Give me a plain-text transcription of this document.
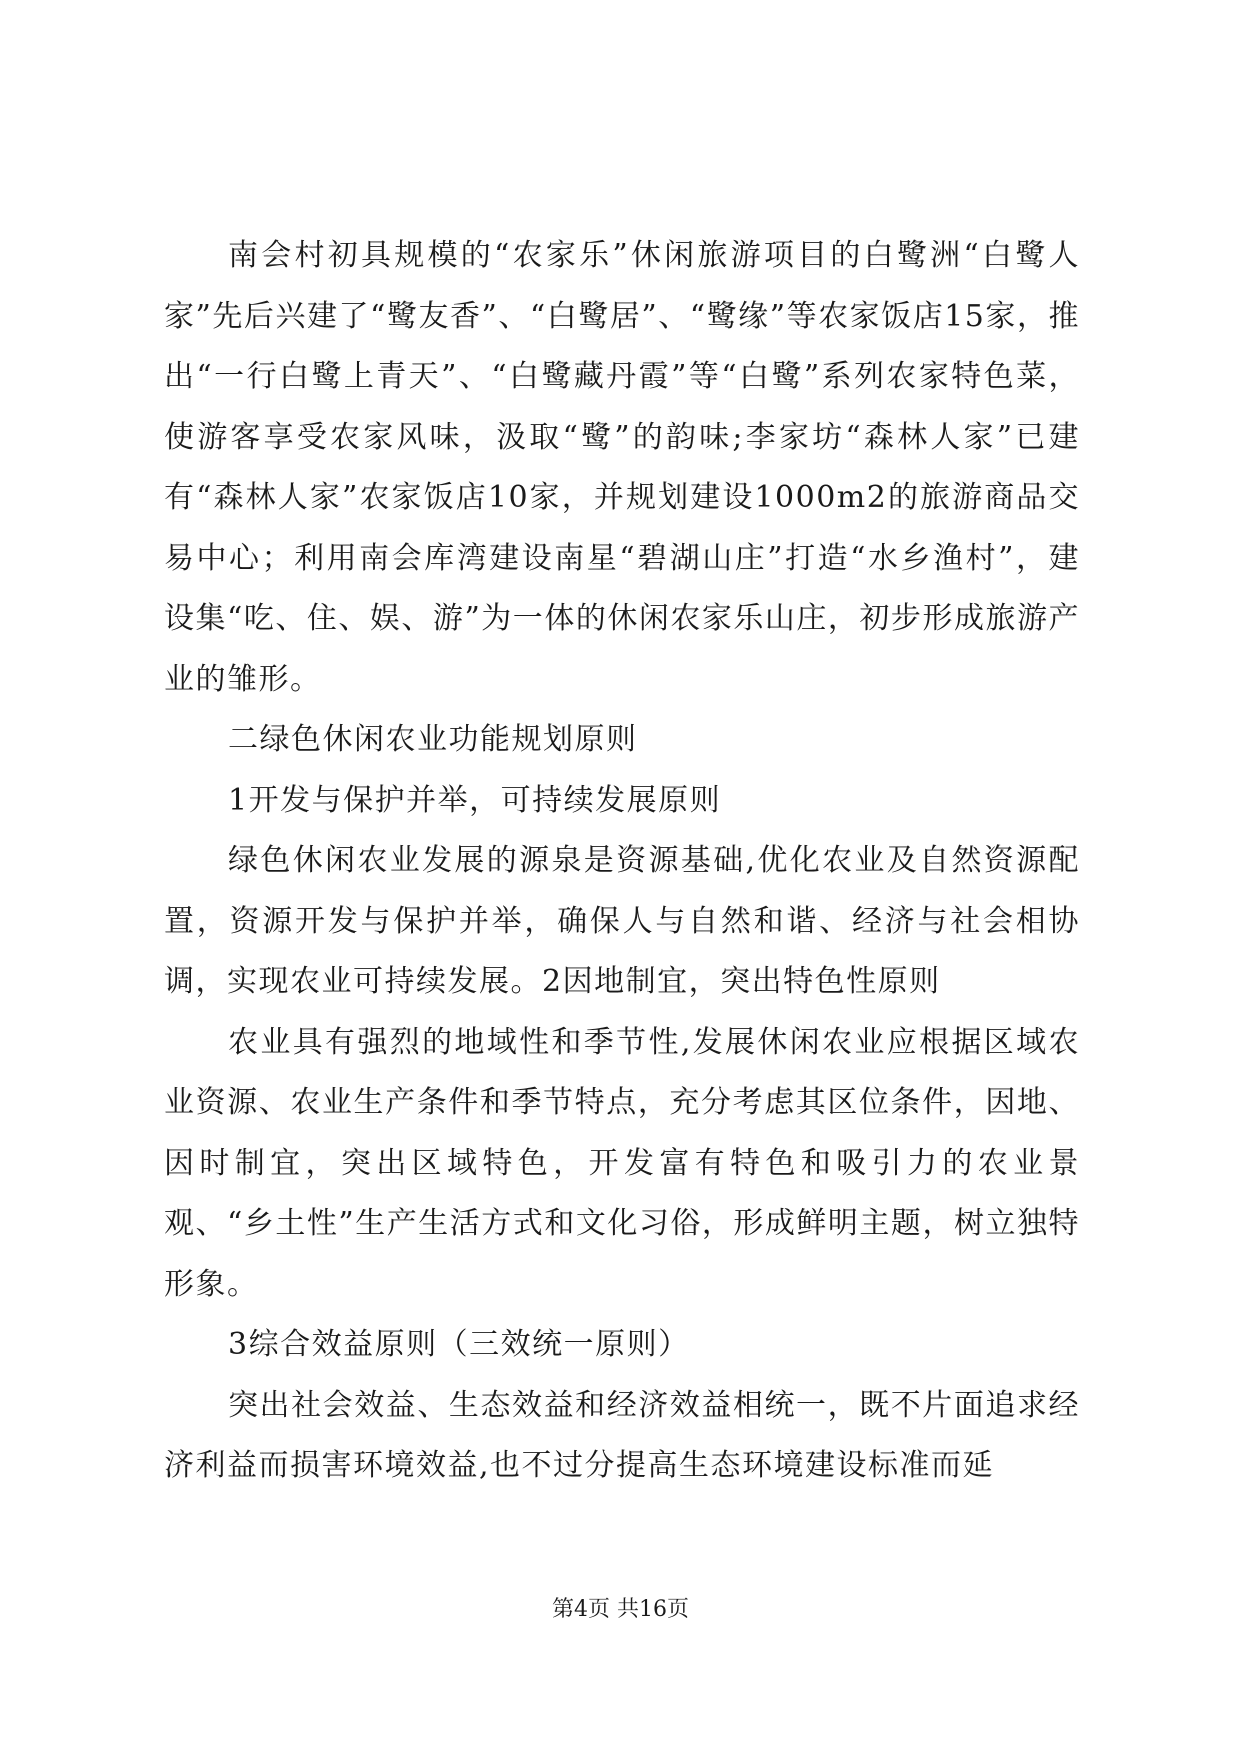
南会村初具规模的“农家乐”休闲旅游项目的白鹭洲“白鹭人家”先后兴建了“鹭友香”、“白鹭居”、“鹭缘”等农家饭店15家，推出“一行白鹭上青天”、“白鹭藏丹霞”等“白鹭”系列农家特色菜，使游客享受农家风味，汲取“鹭”的韵味;李家坊“森林人家”已建有“森林人家”农家饭店10家，并规划建设1000m2的旅游商品交易中心；利用南会库湾建设南星“碧湖山庄”打造“水乡渔村”，建设集“吃、住、娱、游”为一体的休闲农家乐山庄，初步形成旅游产业的雏形。

二绿色休闲农业功能规划原则

1开发与保护并举，可持续发展原则

绿色休闲农业发展的源泉是资源基础,优化农业及自然资源配置，资源开发与保护并举，确保人与自然和谐、经济与社会相协调，实现农业可持续发展。2因地制宜，突出特色性原则

农业具有强烈的地域性和季节性,发展休闲农业应根据区域农业资源、农业生产条件和季节特点，充分考虑其区位条件，因地、因时制宜，突出区域特色，开发富有特色和吸引力的农业景观、“乡土性”生产生活方式和文化习俗，形成鲜明主题，树立独特形象。

3综合效益原则（三效统一原则）

突出社会效益、生态效益和经济效益相统一，既不片面追求经济利益而损害环境效益,也不过分提高生态环境建设标准而延

第4页 共16页
